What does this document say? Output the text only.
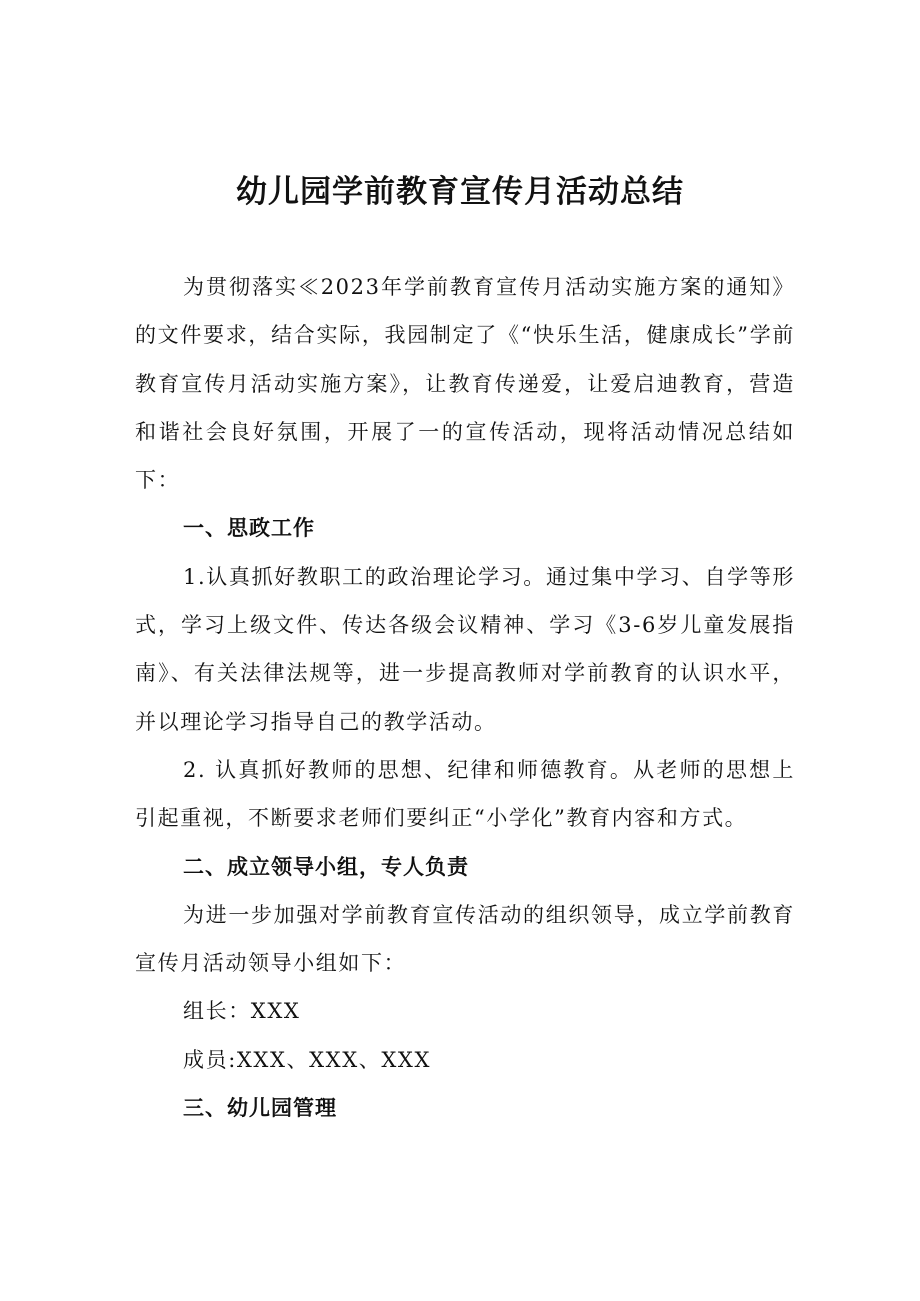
幼儿园学前教育宣传月活动总结

为贯彻落实≪2023年学前教育宣传月活动实施方案的通知》的文件要求，结合实际，我园制定了《“快乐生活，健康成长”学前教育宣传月活动实施方案》，让教育传递爱，让爱启迪教育，营造和谐社会良好氛围，开展了一的宣传活动，现将活动情况总结如下：

一、思政工作

1.认真抓好教职工的政治理论学习。通过集中学习、自学等形式，学习上级文件、传达各级会议精神、学习《3-6岁儿童发展指南》、有关法律法规等，进一步提高教师对学前教育的认识水平，并以理论学习指导自己的教学活动。

2. 认真抓好教师的思想、纪律和师德教育。从老师的思想上引起重视，不断要求老师们要纠正“小学化”教育内容和方式。

二、成立领导小组，专人负责

为进一步加强对学前教育宣传活动的组织领导，成立学前教育宣传月活动领导小组如下：

组长：XXX

成员:XXX、XXX、XXX

三、幼儿园管理
